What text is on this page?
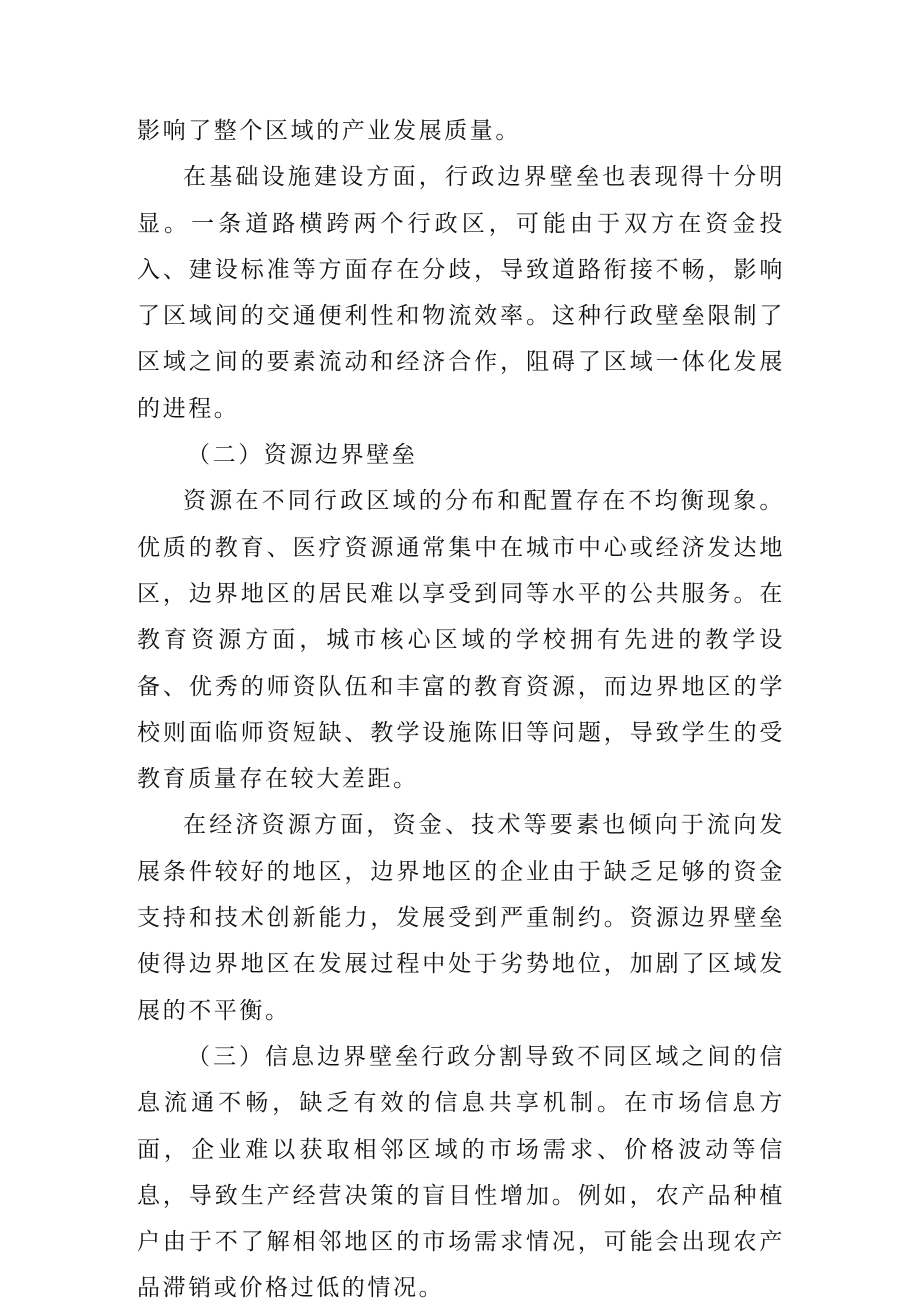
影响了整个区域的产业发展质量。

在基础设施建设方面，行政边界壁垒也表现得十分明显。一条道路横跨两个行政区，可能由于双方在资金投入、建设标准等方面存在分歧，导致道路衔接不畅，影响了区域间的交通便利性和物流效率。这种行政壁垒限制了区域之间的要素流动和经济合作，阻碍了区域一体化发展的进程。

（二）资源边界壁垒

资源在不同行政区域的分布和配置存在不均衡现象。优质的教育、医疗资源通常集中在城市中心或经济发达地区，边界地区的居民难以享受到同等水平的公共服务。在教育资源方面，城市核心区域的学校拥有先进的教学设备、优秀的师资队伍和丰富的教育资源，而边界地区的学校则面临师资短缺、教学设施陈旧等问题，导致学生的受教育质量存在较大差距。

在经济资源方面，资金、技术等要素也倾向于流向发展条件较好的地区，边界地区的企业由于缺乏足够的资金支持和技术创新能力，发展受到严重制约。资源边界壁垒使得边界地区在发展过程中处于劣势地位，加剧了区域发展的不平衡。

（三）信息边界壁垒行政分割导致不同区域之间的信息流通不畅，缺乏有效的信息共享机制。在市场信息方面，企业难以获取相邻区域的市场需求、价格波动等信息，导致生产经营决策的盲目性增加。例如，农产品种植户由于不了解相邻地区的市场需求情况，可能会出现农产品滞销或价格过低的情况。
